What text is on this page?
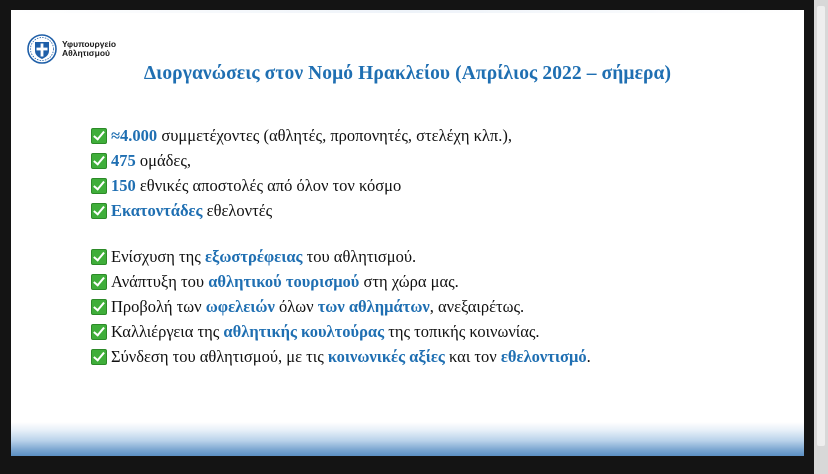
Υφυπουργείο
Αθλητισμού
Διοργανώσεις στον Νομό Ηρακλείου (Απρίλιος 2022 – σήμερα)
≈4.000 συμμετέχοντες (αθλητές, προπονητές, στελέχη κλπ.),
475 ομάδες,
150 εθνικές αποστολές από όλον τον κόσμο
Εκατοντάδες εθελοντές
Ενίσχυση της εξωστρέφειας του αθλητισμού.
Ανάπτυξη του αθλητικού τουρισμού στη χώρα μας.
Προβολή των ωφελειών όλων των αθλημάτων, ανεξαιρέτως.
Καλλιέργεια της αθλητικής κουλτούρας της τοπικής κοινωνίας.
Σύνδεση του αθλητισμού, με τις κοινωνικές αξίες και τον εθελοντισμό.
